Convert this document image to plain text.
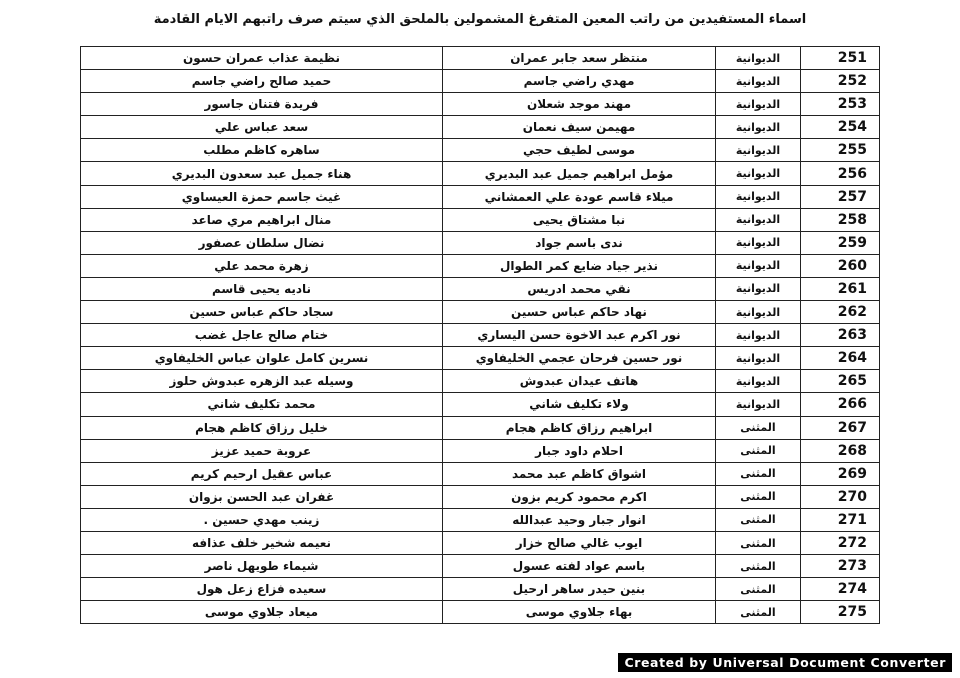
اسماء المستفيدين من راتب المعين المتفرغ المشمولين بالملحق الذي سيتم صرف راتبهم الايام القادمة
251	الديوانية	منتظر سعد جابر عمران	نظيمة عذاب عمران حسون
252	الديوانية	مهدي راضي جاسم	حميد صالح راضي جاسم
253	الديوانية	مهند موجد شعلان	فريدة فتنان جاسور
254	الديوانية	مهيمن سيف نعمان	سعد عباس علي
255	الديوانية	موسى لطيف حجي	ساهره كاظم مطلب
256	الديوانية	مؤمل ابراهيم جميل عبد البديري	هناء جميل عبد سعدون البديري
257	الديوانية	ميلاء قاسم عودة علي العمشاني	غيث جاسم حمزة العيساوي
258	الديوانية	نبا مشتاق يحيى	منال ابراهيم مري صاعد
259	الديوانية	ندى باسم جواد	نضال سلطان عصفور
260	الديوانية	نذير جياد ضايع كمر الطوال	زهرة محمد علي
261	الديوانية	نقي محمد ادريس	ناديه يحيى قاسم
262	الديوانية	نهاد حاكم عباس حسين	سجاد حاكم عباس حسين
263	الديوانية	نور اكرم عبد الاخوة حسن اليساري	ختام صالح عاجل غضب
264	الديوانية	نور حسين فرحان عجمي الخليفاوي	نسرين كامل علوان عباس الخليفاوي
265	الديوانية	هاتف عيدان عبدوش	وسيله عبد الزهره عبدوش حلوز
266	الديوانية	ولاء تكليف شاني	محمد تكليف شاني
267	المثنى	ابراهيم رزاق كاظم هجام	خليل رزاق كاظم هجام
268	المثنى	احلام داود جبار	عروبة حميد عزيز
269	المثنى	اشواق كاظم عبد محمد	عباس عقيل ارحيم كريم
270	المثنى	اكرم محمود كريم بزون	غفران عبد الحسن بزوان
271	المثنى	انوار جبار وحيد عبدالله	زينب مهدي حسين .
272	المثنى	ايوب غالي صالح خزار	نعيمه شخير خلف عذافه
273	المثنى	باسم عواد لفته عسول	شيماء طويهل ناصر
274	المثنى	بنين حيدر ساهر ارحيل	سعيده فزاع زعل هول
275	المثنى	بهاء جلاوي موسى	ميعاد جلاوي موسى
Created by Universal Document Converter
